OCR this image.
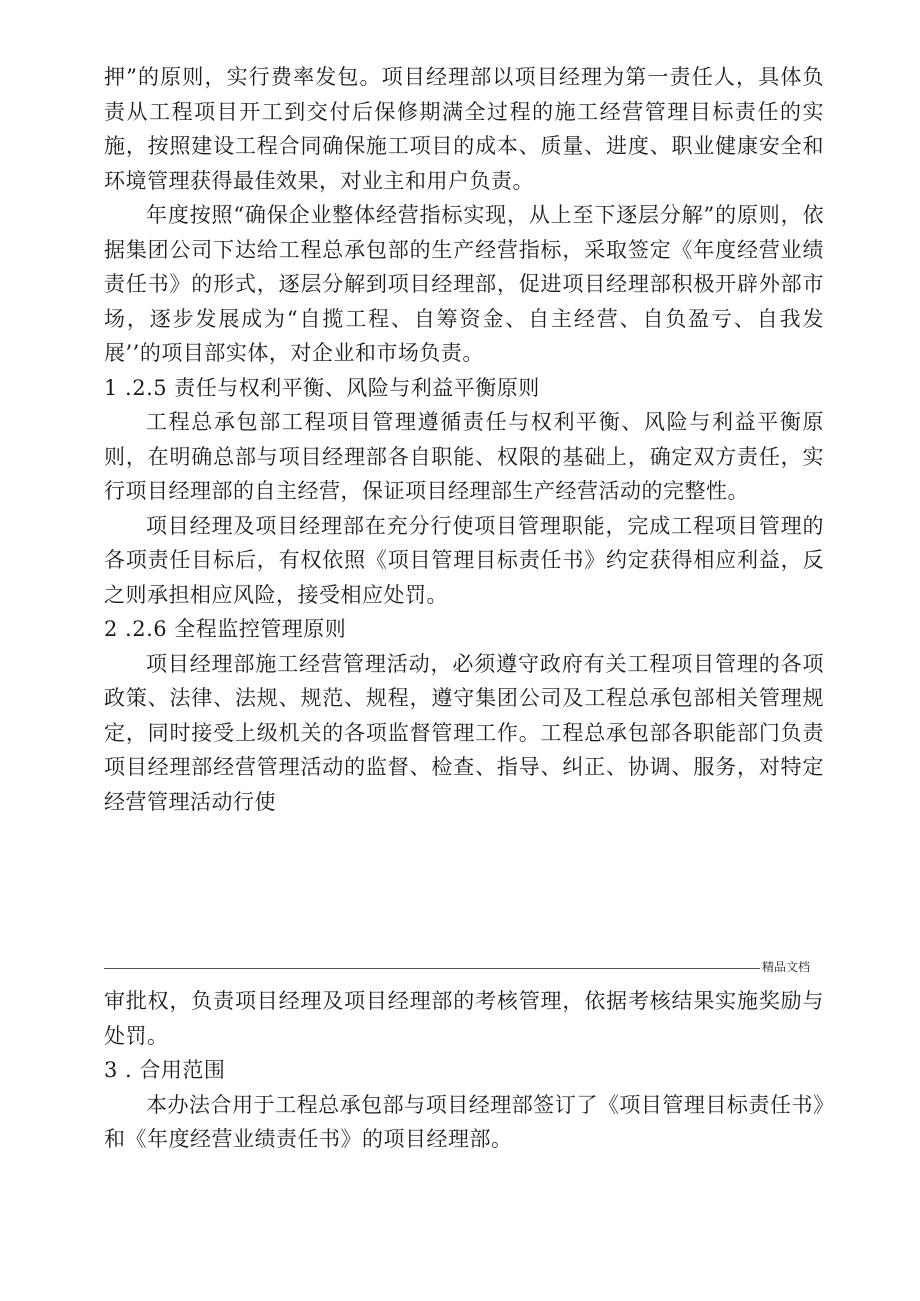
押”的原则，实行费率发包。项目经理部以项目经理为第一责任人，具体负责从工程项目开工到交付后保修期满全过程的施工经营管理目标责任的实施，按照建设工程合同确保施工项目的成本、质量、进度、职业健康安全和环境管理获得最佳效果，对业主和用户负责。

年度按照“确保企业整体经营指标实现，从上至下逐层分解”的原则，依据集团公司下达给工程总承包部的生产经营指标，采取签定《年度经营业绩责任书》的形式，逐层分解到项目经理部，促进项目经理部积极开辟外部市场，逐步发展成为“自揽工程、自筹资金、自主经营、自负盈亏、自我发展’’的项目部实体，对企业和市场负责。

1 .2.5 责任与权利平衡、风险与利益平衡原则

工程总承包部工程项目管理遵循责任与权利平衡、风险与利益平衡原则，在明确总部与项目经理部各自职能、权限的基础上，确定双方责任，实行项目经理部的自主经营，保证项目经理部生产经营活动的完整性。

项目经理及项目经理部在充分行使项目管理职能，完成工程项目管理的各项责任目标后，有权依照《项目管理目标责任书》约定获得相应利益，反之则承担相应风险，接受相应处罚。

2 .2.6 全程监控管理原则

项目经理部施工经营管理活动，必须遵守政府有关工程项目管理的各项政策、法律、法规、规范、规程，遵守集团公司及工程总承包部相关管理规定，同时接受上级机关的各项监督管理工作。工程总承包部各职能部门负责项目经理部经营管理活动的监督、检查、指导、纠正、协调、服务，对特定经营管理活动行使

精品文档

审批权，负责项目经理及项目经理部的考核管理，依据考核结果实施奖励与处罚。

3 . 合用范围

本办法合用于工程总承包部与项目经理部签订了《项目管理目标责任书》和《年度经营业绩责任书》的项目经理部。
